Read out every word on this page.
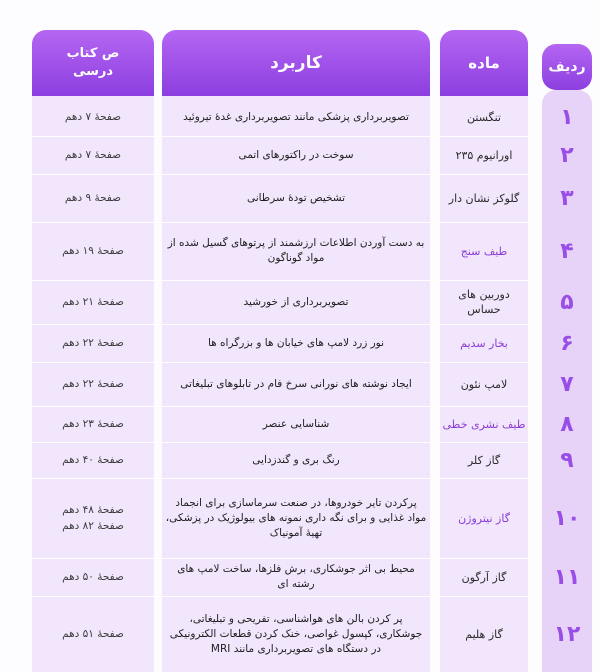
ردیف
ماده
کاربرد
ص کتاب
درسی
۱
تنگستن
تصویربرداری پزشکی مانند تصویربرداری غدهٔ تیروئید
صفحهٔ ۷ دهم
۲
اورانیوم ۲۳۵
سوخت در راکتورهای اتمی
صفحهٔ ۷ دهم
۳
گلوکز نشان دار
تشخیص تودهٔ سرطانی
صفحهٔ ۹ دهم
۴
طیف سنج
به دست آوردن اطلاعات ارزشمند از پرتوهای گسیل شده از مواد گوناگون
صفحهٔ ۱۹ دهم
۵
دوربین های حساس
تصویربرداری از خورشید
صفحهٔ ۲۱ دهم
۶
بخار سدیم
نور زرد لامپ های خیابان ها و بزرگراه ها
صفحهٔ ۲۲ دهم
۷
لامپ نئون
ایجاد نوشته های نورانی سرخ فام در تابلوهای تبلیغاتی
صفحهٔ ۲۲ دهم
۸
طیف نشری خطی
شناسایی عنصر
صفحهٔ ۲۳ دهم
۹
گاز کلر
رنگ بری و گندزدایی
صفحهٔ ۴۰ دهم
۱۰
گاز نیتروژن
پرکردن تایر خودروها، در صنعت سرماسازی برای انجماد مواد غذایی و برای نگه داری نمونه های بیولوژیک در پزشکی، تهیهٔ آمونیاک
صفحهٔ ۴۸ دهم
صفحهٔ ۸۲ دهم
۱۱
گاز آرگون
محیط بی اثر جوشکاری، برش فلزها، ساخت لامپ های رشته ای
صفحهٔ ۵۰ دهم
۱۲
گاز هلیم
پر کردن بالن های هواشناسی، تفریحی و تبلیغاتی، جوشکاری، کپسول غواصی، خنک کردن قطعات الکترونیکی در دستگاه های تصویربرداری مانند MRI
صفحهٔ ۵۱ دهم
